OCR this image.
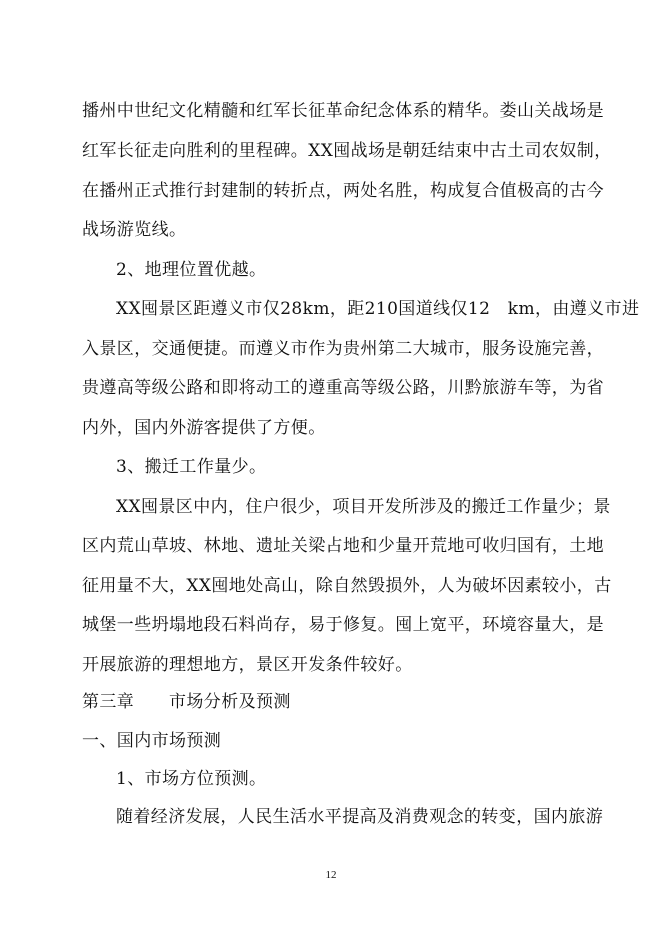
播州中世纪文化精髓和红军长征革命纪念体系的精华。娄山关战场是
红军长征走向胜利的里程碑。XX囤战场是朝廷结束中古土司农奴制，
在播州正式推行封建制的转折点，两处名胜，构成复合值极高的古今
战场游览线。
2、地理位置优越。
XX囤景区距遵义市仅28km，距210国道线仅12　km，由遵义市进
入景区，交通便捷。而遵义市作为贵州第二大城市，服务设施完善，
贵遵高等级公路和即将动工的遵重高等级公路，川黔旅游车等，为省
内外，国内外游客提供了方便。
3、搬迁工作量少。
XX囤景区中内，住户很少，项目开发所涉及的搬迁工作量少；景
区内荒山草坡、林地、遗址关梁占地和少量开荒地可收归国有，土地
征用量不大，XX囤地处高山，除自然毁损外，人为破坏因素较小，古
城堡一些坍塌地段石料尚存，易于修复。囤上宽平，环境容量大，是
开展旅游的理想地方，景区开发条件较好。
第三章　　市场分析及预测
一、国内市场预测
1、市场方位预测。
随着经济发展，人民生活水平提高及消费观念的转变，国内旅游
12
